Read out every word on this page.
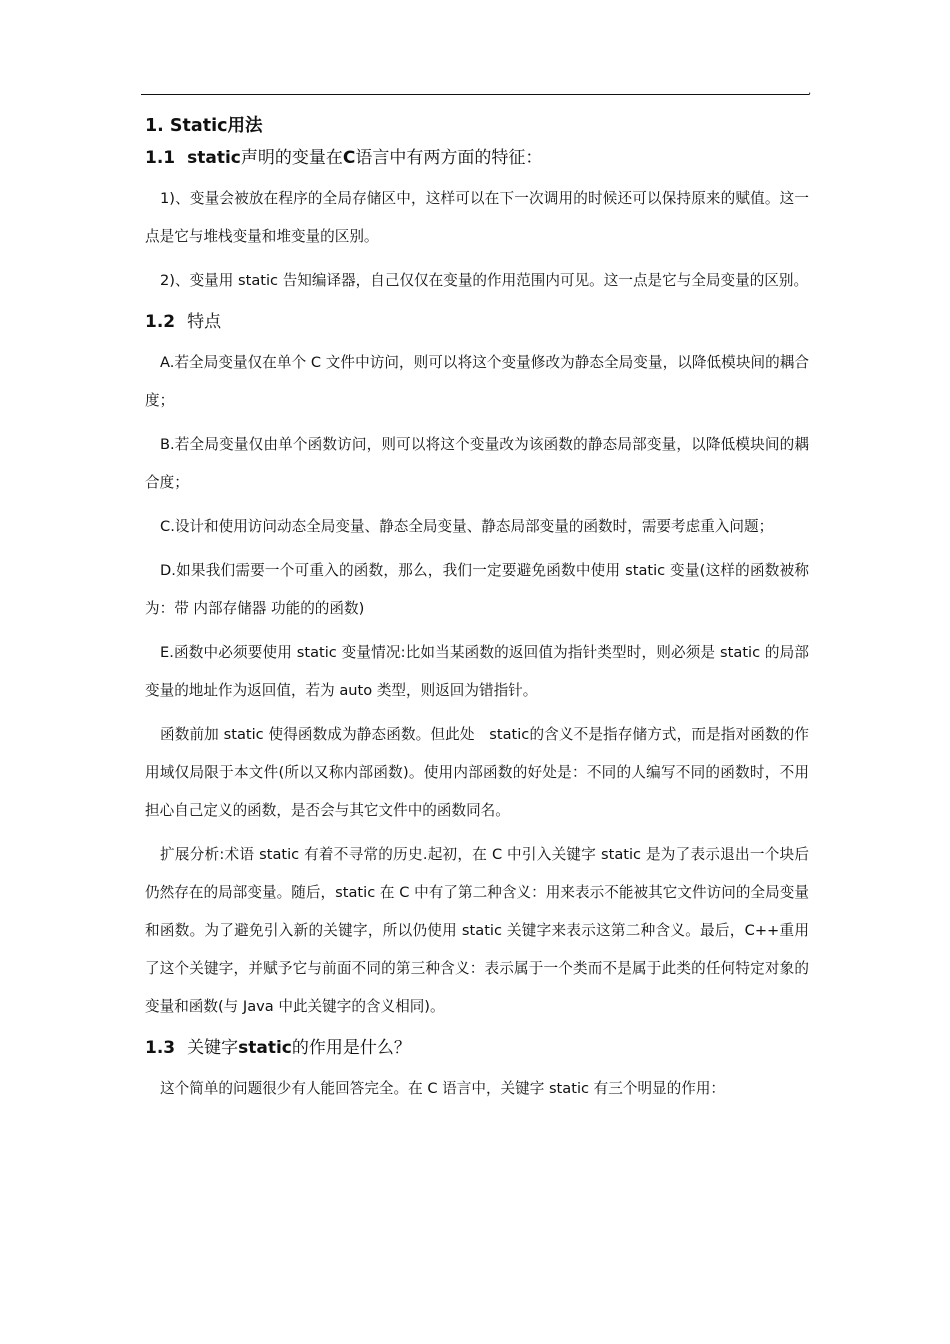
,
1. Static用法
1.1 static声明的变量在C语言中有两方面的特征：

1)、变量会被放在程序的全局存储区中，这样可以在下一次调用的时候还可以保持原来的赋值。这一点是它与堆栈变量和堆变量的区别。

2)、变量用 static 告知编译器，自己仅仅在变量的作用范围内可见。这一点是它与全局变量的区别。

1.2 特点

A.若全局变量仅在单个 C 文件中访问，则可以将这个变量修改为静态全局变量，以降低模块间的耦合度；

B.若全局变量仅由单个函数访问，则可以将这个变量改为该函数的静态局部变量，以降低模块间的耦合度；

C.设计和使用访问动态全局变量、静态全局变量、静态局部变量的函数时，需要考虑重入问题；

D.如果我们需要一个可重入的函数，那么，我们一定要避免函数中使用 static 变量(这样的函数被称为：带 内部存储器 功能的的函数)

E.函数中必须要使用 static 变量情况:比如当某函数的返回值为指针类型时，则必须是 static 的局部变量的地址作为返回值，若为 auto 类型，则返回为错指针。

函数前加 static 使得函数成为静态函数。但此处　static的含义不是指存储方式，而是指对函数的作用域仅局限于本文件(所以又称内部函数)。使用内部函数的好处是：不同的人编写不同的函数时，不用担心自己定义的函数，是否会与其它文件中的函数同名。

扩展分析:术语 static 有着不寻常的历史.起初，在 C 中引入关键字 static 是为了表示退出一个块后仍然存在的局部变量。随后，static 在 C 中有了第二种含义：用来表示不能被其它文件访问的全局变量和函数。为了避免引入新的关键字，所以仍使用 static 关键字来表示这第二种含义。最后，C++重用了这个关键字，并赋予它与前面不同的第三种含义：表示属于一个类而不是属于此类的任何特定对象的变量和函数(与 Java 中此关键字的含义相同)。

1.3 关键字static的作用是什么？

这个简单的问题很少有人能回答完全。在 C 语言中，关键字 static 有三个明显的作用：
